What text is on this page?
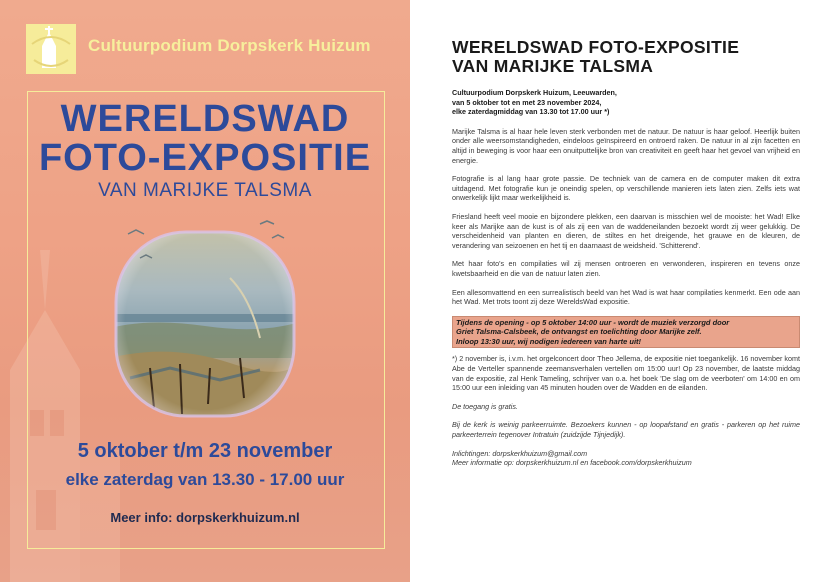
Cultuurpodium Dorpskerk Huizum
WERELDSWAD
FOTO-EXPOSITIE
VAN MARIJKE TALSMA
5 oktober t/m 23 november
elke zaterdag van 13.30 - 17.00 uur
Meer info: dorpskerkhuizum.nl
WERELDSWAD FOTO-EXPOSITIE
VAN MARIJKE TALSMA
Cultuurpodium Dorpskerk Huizum, Leeuwarden,
van 5 oktober tot en met 23 november 2024,
elke zaterdagmiddag van 13.30 tot 17.00 uur *)

Marijke Talsma is al haar hele leven sterk verbonden met de natuur. De natuur is haar geloof. Heerlijk buiten onder alle weersomstandigheden, eindeloos geïnspireerd en ontroerd raken. De natuur in al zijn facetten en altijd in beweging is voor haar een onuitputtelijke bron van creativiteit en geeft haar het gevoel van vrijheid en energie.

Fotografie is al lang haar grote passie. De techniek van de camera en de computer maken dit extra uitdagend. Met fotografie kun je oneindig spelen, op verschillende manieren iets laten zien. Zelfs iets wat onwerkelijk lijkt maar werkelijkheid is.

Friesland heeft veel mooie en bijzondere plekken, een daarvan is misschien wel de mooiste: het Wad! Elke keer als Marijke aan de kust is of als zij een van de waddeneilanden bezoekt wordt zij weer gelukkig. De verscheidenheid van planten en dieren, de stiltes en het dreigende, het grauwe en de kleuren, de verandering van seizoenen en het tij en daarnaast de weidsheid. 'Schitterend'.

Met haar foto's en compilaties wil zij mensen ontroeren en verwonderen, inspireren en tevens onze kwetsbaarheid en die van de natuur laten zien.

Een allesomvattend en een surrealistisch beeld van het Wad is wat haar compilaties kenmerkt. Een ode aan het Wad. Met trots toont zij deze WereldsWad expositie.

Tijdens de opening - op 5 oktober 14:00 uur - wordt de muziek verzorgd door
Griet Talsma-Calsbeek, de ontvangst en toelichting door Marijke zelf.
Inloop 13:30 uur, wij nodigen iedereen van harte uit!

*) 2 november is, i.v.m. het orgelconcert door Theo Jellema, de expositie niet toegankelijk. 16 november komt Abe de Verteller spannende zeemansverhalen vertellen om 15:00 uur! Op 23 november, de laatste middag van de expositie, zal Henk Tameling, schrijver van o.a. het boek 'De slag om de veerboten' om 14:00 en om 15:00 uur een inleiding van 45 minuten houden over de Wadden en de eilanden.

De toegang is gratis.

Bij de kerk is weinig parkeerruimte. Bezoekers kunnen - op loopafstand en gratis - parkeren op het ruime parkeerterrein tegenover Intratuin (zuidzijde Tijnjedijk).

Inlichtingen: dorpskerkhuizum@gmail.com
Meer informatie op: dorpskerkhuizum.nl en facebook.com/dorpskerkhuizum
